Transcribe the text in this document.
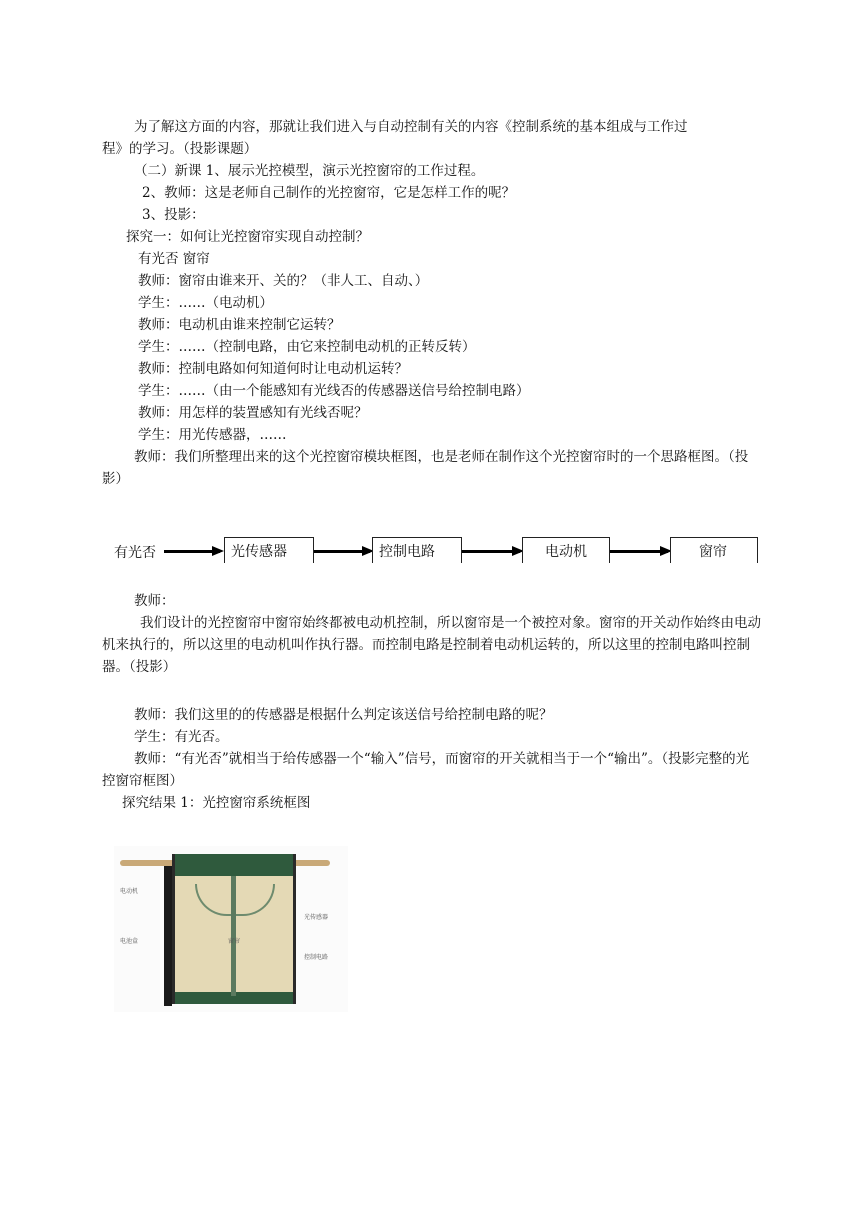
为了解这方面的内容，那就让我们进入与自动控制有关的内容《控制系统的基本组成与工作过
程》的学习。（投影课题）
（二）新课 1、展示光控模型，演示光控窗帘的工作过程。
2、教师：这是老师自己制作的光控窗帘，它是怎样工作的呢？
3、投影：
探究一：如何让光控窗帘实现自动控制？
有光否 窗帘
教师：窗帘由谁来开、关的？（非人工、自动、）
学生：……（电动机）
教师：电动机由谁来控制它运转？
学生：……（控制电路，由它来控制电动机的正转反转）
教师：控制电路如何知道何时让电动机运转？
学生：……（由一个能感知有光线否的传感器送信号给控制电路）
教师：用怎样的装置感知有光线否呢？
学生：用光传感器，……
教师：我们所整理出来的这个光控窗帘模块框图，也是老师在制作这个光控窗帘时的一个思路框图。（投影）
有光否	光传感器	控制电路	电动机	窗帘
教师：
我们设计的光控窗帘中窗帘始终都被电动机控制，所以窗帘是一个被控对象。窗帘的开关动作始终由电动机来执行的，所以这里的电动机叫作执行器。而控制电路是控制着电动机运转的，所以这里的控制电路叫控制器。（投影）
教师：我们这里的的传感器是根据什么判定该送信号给控制电路的呢？
学生：有光否。
教师：“有光否”就相当于给传感器一个“输入”信号，而窗帘的开关就相当于一个“输出”。（投影完整的光控窗帘框图）
探究结果 1：光控窗帘系统框图
电动机
电池盒	窗帘
光传感器
控制电路
